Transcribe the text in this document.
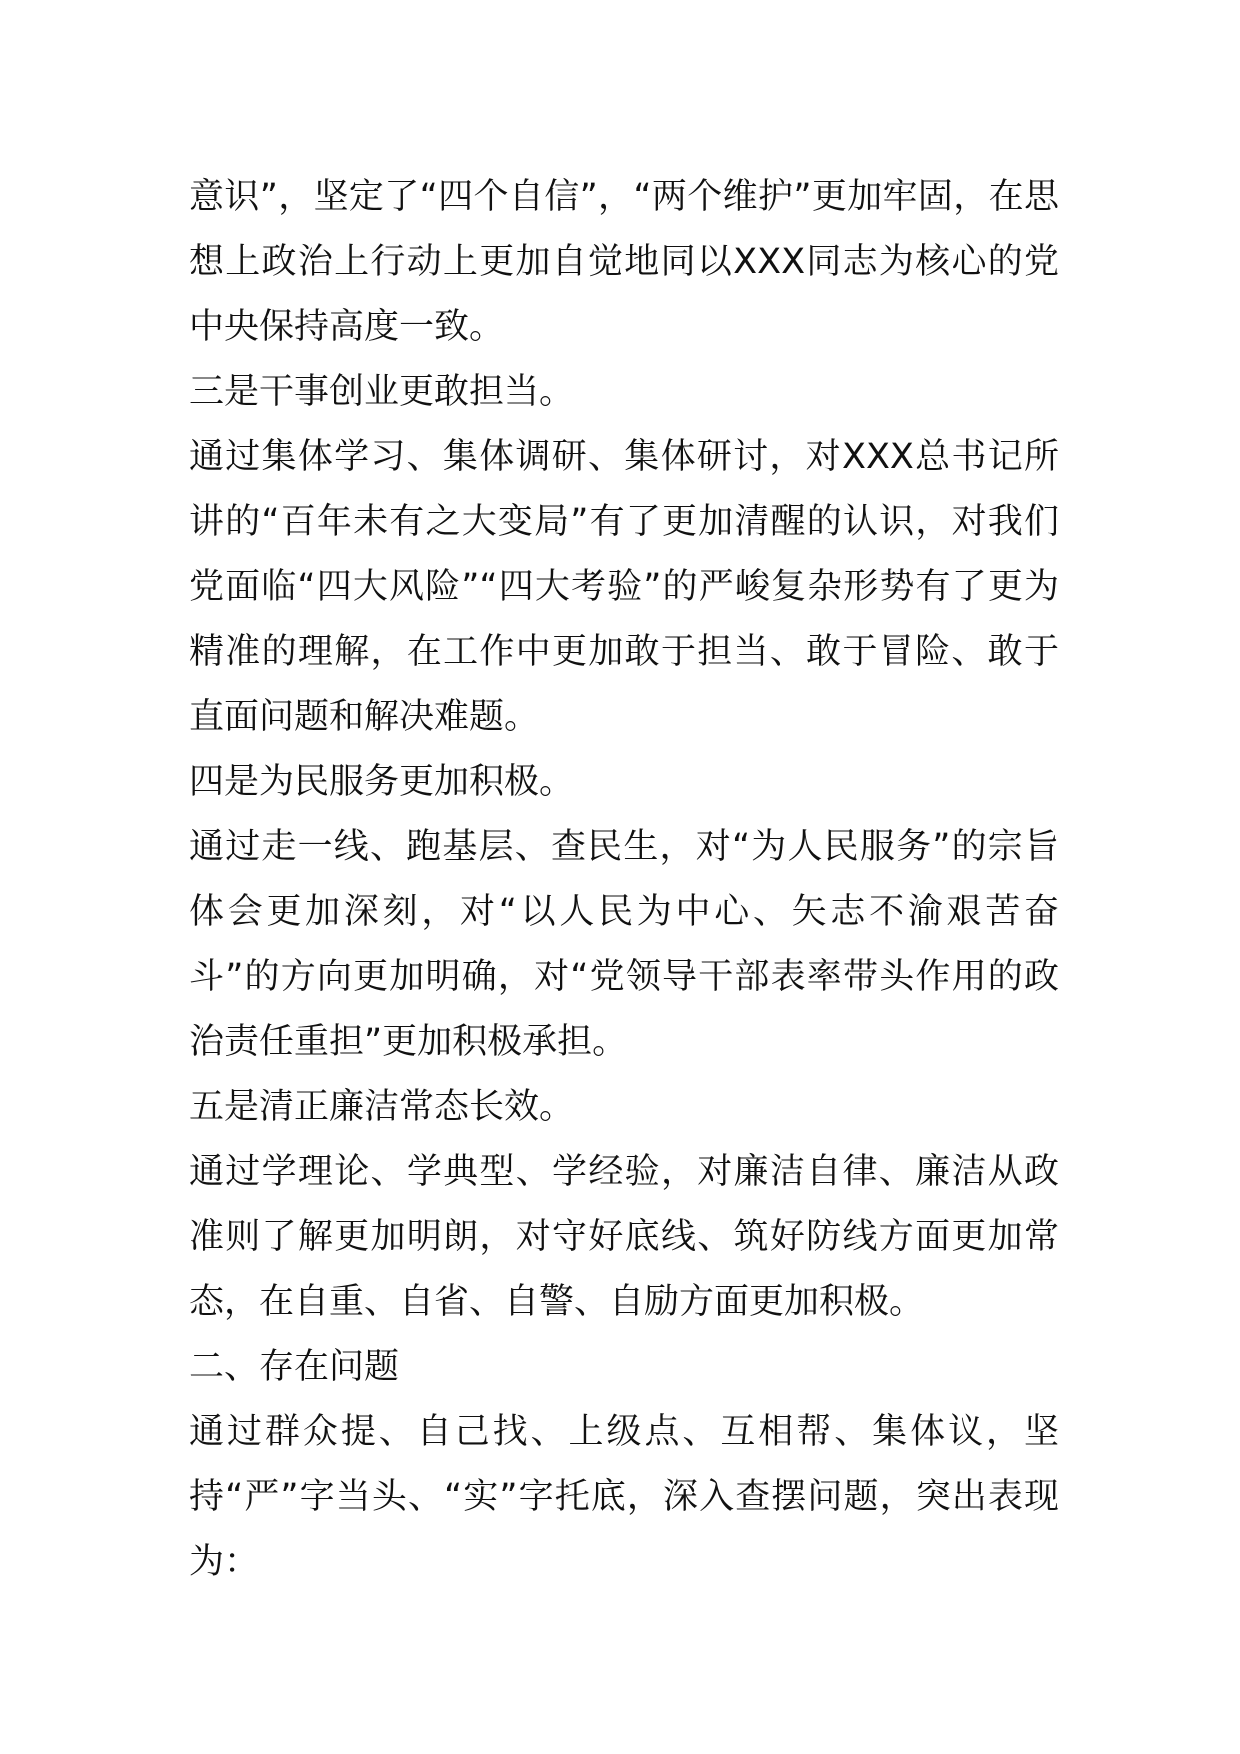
意识”，坚定了“四个自信”，“两个维护”更加牢固，在思想上政治上行动上更加自觉地同以XXX同志为核心的党中央保持高度一致。

三是干事创业更敢担当。

通过集体学习、集体调研、集体研讨，对XXX总书记所讲的“百年未有之大变局”有了更加清醒的认识，对我们党面临“四大风险”“四大考验”的严峻复杂形势有了更为精准的理解，在工作中更加敢于担当、敢于冒险、敢于直面问题和解决难题。

四是为民服务更加积极。

通过走一线、跑基层、查民生，对“为人民服务”的宗旨体会更加深刻，对“以人民为中心、矢志不渝艰苦奋斗”的方向更加明确，对“党领导干部表率带头作用的政治责任重担”更加积极承担。

五是清正廉洁常态长效。

通过学理论、学典型、学经验，对廉洁自律、廉洁从政准则了解更加明朗，对守好底线、筑好防线方面更加常态，在自重、自省、自警、自励方面更加积极。

二、存在问题

通过群众提、自己找、上级点、互相帮、集体议，坚持“严”字当头、“实”字托底，深入查摆问题，突出表现为：
